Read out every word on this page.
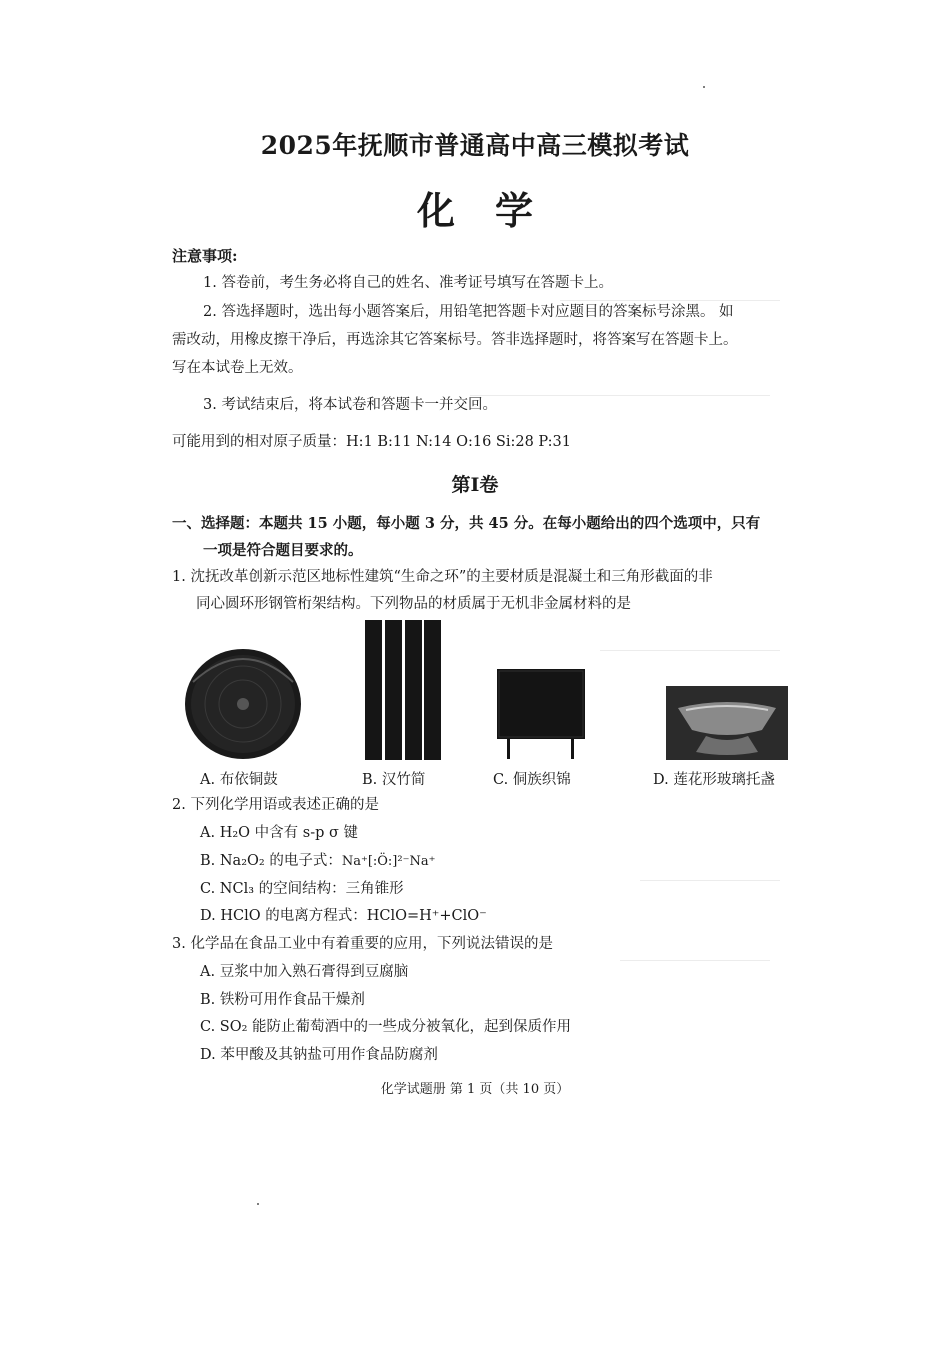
2025年抚顺市普通高中高三模拟考试
化学
注意事项:
1. 答卷前，考生务必将自己的姓名、准考证号填写在答题卡上。
2. 答选择题时，选出每小题答案后，用铅笔把答题卡对应题目的答案标号涂黑。 如
需改动，用橡皮擦干净后，再选涂其它答案标号。答非选择题时，将答案写在答题卡上。
写在本试卷上无效。
3. 考试结束后，将本试卷和答题卡一并交回。
可能用到的相对原子质量：H:1 B:11 N:14 O:16 Si:28 P:31
第Ⅰ卷
一、选择题：本题共 15 小题，每小题 3 分，共 45 分。在每小题给出的四个选项中，只有
一项是符合题目要求的。
1. 沈抚改革创新示范区地标性建筑“生命之环”的主要材质是混凝土和三角形截面的非
同心圆环形钢管桁架结构。下列物品的材质属于无机非金属材料的是
A. 布依铜鼓	B. 汉竹简	C. 侗族织锦	D. 莲花形玻璃托盏
2. 下列化学用语或表述正确的是
A. H₂O 中含有 s-p σ 键
B. Na₂O₂ 的电子式：Na⁺[:Ö:]²⁻Na⁺
C. NCl₃ 的空间结构：三角锥形
D. HClO 的电离方程式：HClO=H⁺+ClO⁻
3. 化学品在食品工业中有着重要的应用，下列说法错误的是
A. 豆浆中加入熟石膏得到豆腐脑
B. 铁粉可用作食品干燥剂
C. SO₂ 能防止葡萄酒中的一些成分被氧化，起到保质作用
D. 苯甲酸及其钠盐可用作食品防腐剂
化学试题册 第 1 页（共 10 页）
